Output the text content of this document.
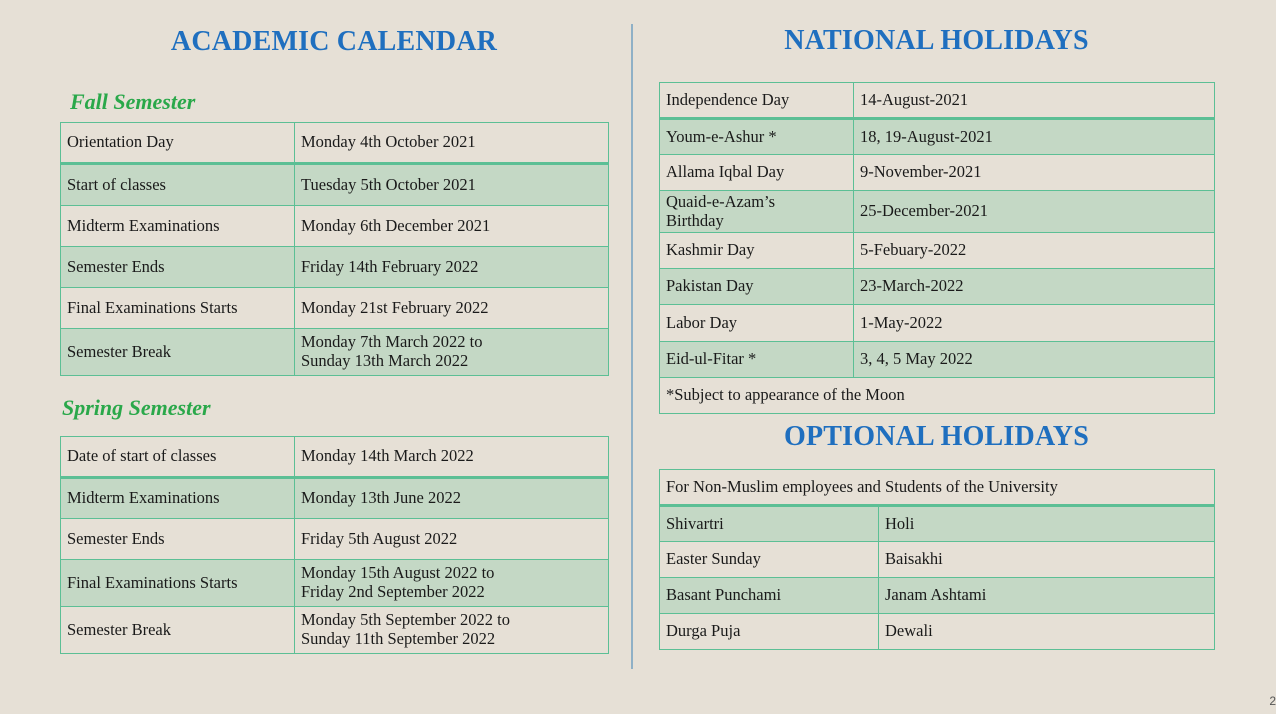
ACADEMIC CALENDAR
Fall Semester
Orientation Day	Monday 4th October 2021
Start of classes	Tuesday 5th October 2021
Midterm Examinations	Monday 6th December 2021
Semester Ends	Friday 14th February 2022
Final Examinations Starts	Monday 21st February 2022
Semester Break	Monday 7th March 2022 to
Sunday 13th March 2022
Spring Semester
Date of start of classes	Monday 14th March 2022
Midterm Examinations	Monday 13th June 2022
Semester Ends	Friday 5th August 2022
Final Examinations Starts	Monday 15th August 2022 to
Friday 2nd September 2022

Semester Break	Monday 5th September 2022 to
Sunday 11th September 2022
NATIONAL HOLIDAYS
Independence Day	14-August-2021
Youm-e-Ashur *	18, 19-August-2021
Allama Iqbal Day	9-November-2021

Quaid-e-Azam’s
Birthday	25-December-2021
Kashmir Day	5-Febuary-2022
Pakistan Day	23-March-2022
Labor Day	1-May-2022
Eid-ul-Fitar *	3, 4, 5 May 2022
*Subject to appearance of the Moon	
OPTIONAL HOLIDAYS
For Non-Muslim employees and Students of the University	
Shivartri	Holi
Easter Sunday	Baisakhi
Basant Punchami	Janam Ashtami
Durga Puja	Dewali
2
